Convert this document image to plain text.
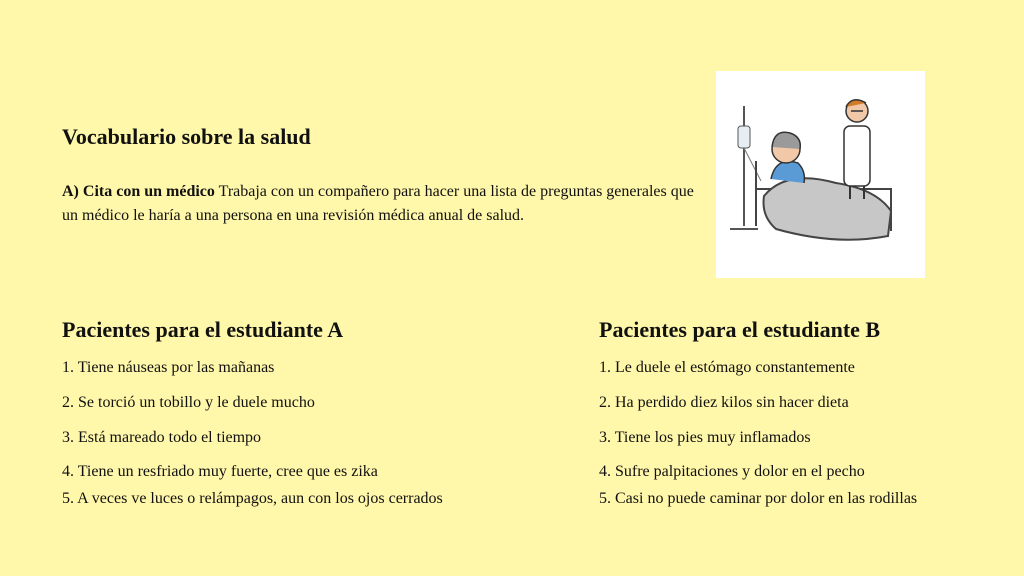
Vocabulario sobre la salud

A) Cita con un médico Trabaja con un compañero para hacer una lista de preguntas generales que un médico le haría a una persona en una revisión médica anual de salud.

Pacientes para el estudiante A

1. Tiene náuseas por las mañanas

2. Se torció un tobillo y le duele mucho

3. Está mareado todo el tiempo

4. Tiene un resfriado muy fuerte, cree que es zika

5. A veces ve luces o relámpagos, aun con los ojos cerrados

Pacientes para el estudiante B

1. Le duele el estómago constantemente

2. Ha perdido diez kilos sin hacer dieta

3. Tiene los pies muy inflamados

4. Sufre palpitaciones y dolor en el pecho

5. Casi no puede caminar por dolor en las rodillas
